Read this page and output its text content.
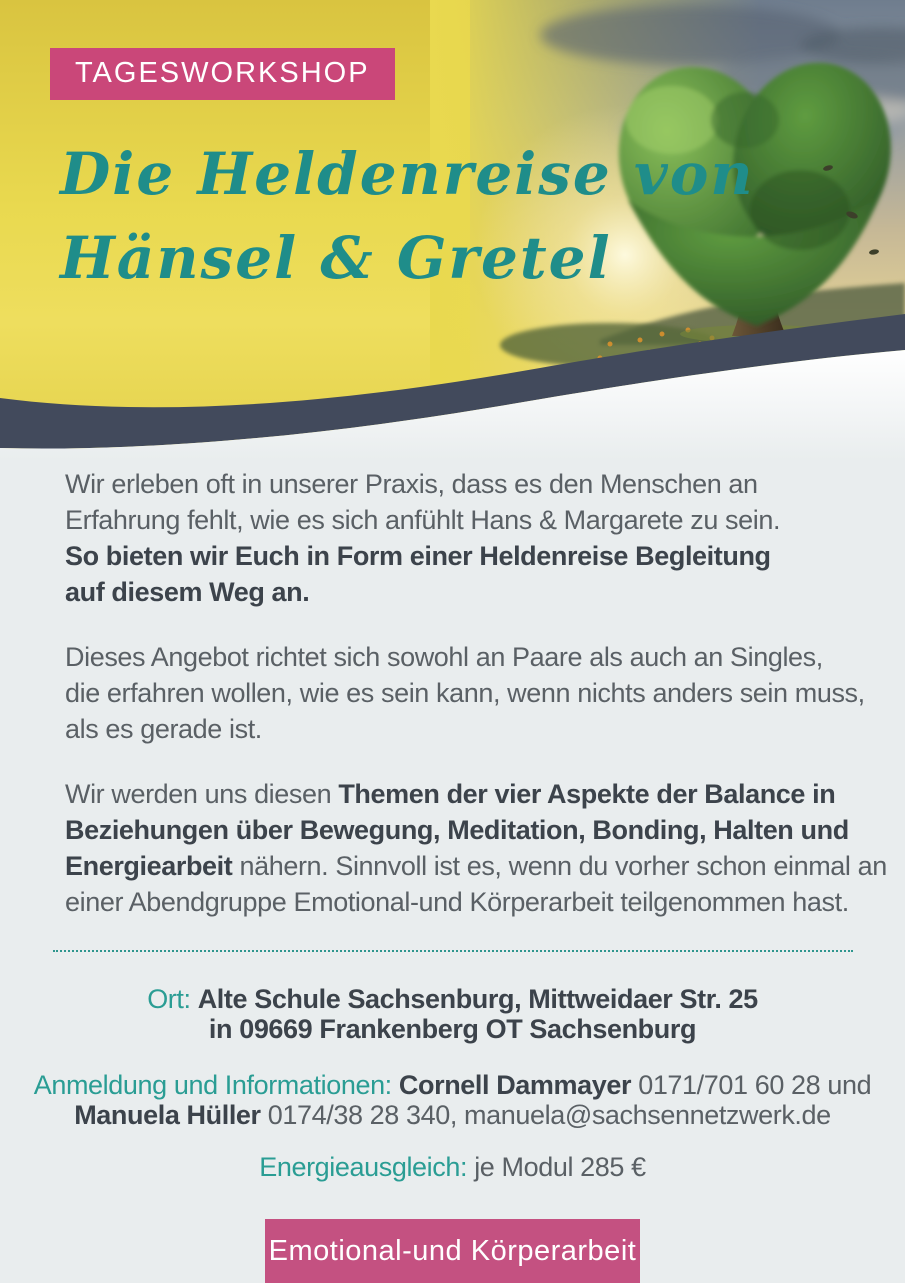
TAGESWORKSHOP
Die Heldenreise von
Hänsel & Gretel

Wir erleben oft in unserer Praxis, dass es den Menschen an
Erfahrung fehlt, wie es sich anfühlt Hans & Margarete zu sein.
So bieten wir Euch in Form einer Heldenreise Begleitung
auf diesem Weg an.

Dieses Angebot richtet sich sowohl an Paare als auch an Singles,
die erfahren wollen, wie es sein kann, wenn nichts anders sein muss,
als es gerade ist.

Wir werden uns diesen Themen der vier Aspekte der Balance in
Beziehungen über Bewegung, Meditation, Bonding, Halten und
Energiearbeit nähern. Sinnvoll ist es, wenn du vorher schon einmal an
einer Abendgruppe Emotional-und Körperarbeit teilgenommen hast.

Ort: Alte Schule Sachsenburg, Mittweidaer Str. 25
in 09669 Frankenberg OT Sachsenburg
Anmeldung und Informationen: Cornell Dammayer 0171/701 60 28 und
Manuela Hüller 0174/38 28 340, manuela@sachsennetzwerk.de
Energieausgleich: je Modul 285 €
Emotional-und Körperarbeit
